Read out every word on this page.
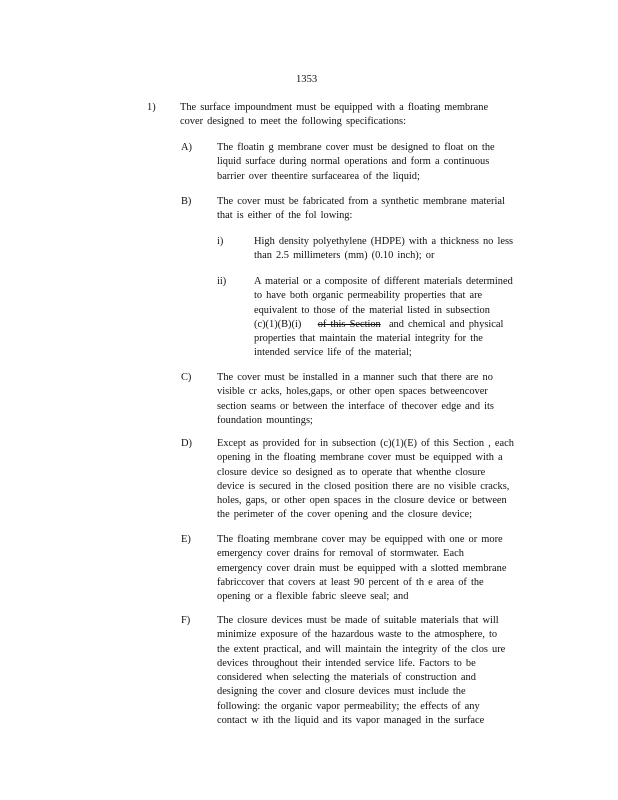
1353
1) The surface impoundment must be equipped with a floating membrane
cover designed to meet the following specifications:
A) The floatin g membrane cover must be designed to float on the
liquid surface during normal operations and form a continuous
barrier over theentire surfacearea of the liquid;
B) The cover must be fabricated from a synthetic membrane material
that is either of the fol lowing:
i)	High density polyethylene (HDPE) with a thickness no less
than 2.5 millimeters (mm) (0.10 inch); or
ii)	A material or a composite of different materials determined
to have both organic permeability properties that are
equivalent to those of the material listed in subsection
(c)(1)(B)(i) of this Section and chemical and physical
properties that maintain the material integrity for the
intended service life of the material;
C) The cover must be installed in a manner such that there are no
visible cr acks, holes,gaps, or other open spaces betweencover
section seams or between the interface of thecover edge and its
foundation mountings;
D) Except as provided for in subsection (c)(1)(E) of this Section , each
opening in the floating membrane cover must be equipped with a
closure device so designed as to operate that whenthe closure
device is secured in the closed position there are no visible cracks,
holes, gaps, or other open spaces in the closure device or between
the perimeter of the cover opening and the closure device;
E)	The floating membrane cover may be equipped with one or more
emergency cover drains for removal of stormwater. Each
emergency cover drain must be equipped with a slotted membrane
fabriccover that covers at least 90 percent of th e area of the
opening or a flexible fabric sleeve seal; and
F)	The closure devices must be made of suitable materials that will
minimize exposure of the hazardous waste to the atmosphere, to
the extent practical, and will maintain the integrity of the clos ure
devices throughout their intended service life. Factors to be
considered when selecting the materials of construction and
designing the cover and closure devices must include the
following: the organic vapor permeability; the effects of any
contact w ith the liquid and its vapor managed in the surface
